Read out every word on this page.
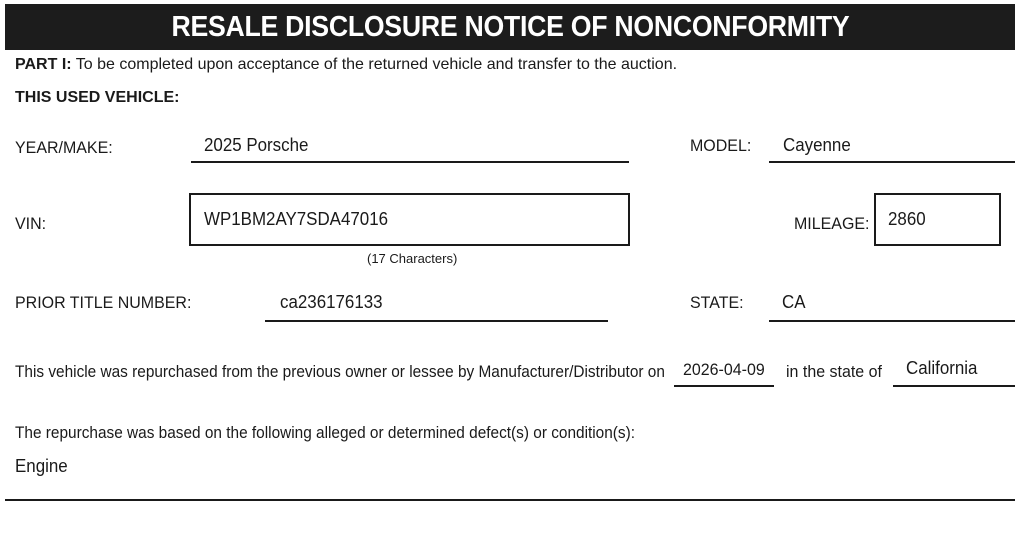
RESALE DISCLOSURE NOTICE OF NONCONFORMITY
PART I: To be completed upon acceptance of the returned vehicle and transfer to the auction.
THIS USED VEHICLE:
YEAR/MAKE:	2025 Porsche	MODEL: Cayenne
VIN:	WP1BM2AY7SDA47016
(17 Characters)
MILEAGE: 2860
PRIOR TITLE NUMBER:	ca236176133	STATE: CA
This vehicle was repurchased from the previous owner or lessee by Manufacturer/Distributor on 2026-04-09 in the state of California
The repurchase was based on the following alleged or determined defect(s) or condition(s):
Engine
